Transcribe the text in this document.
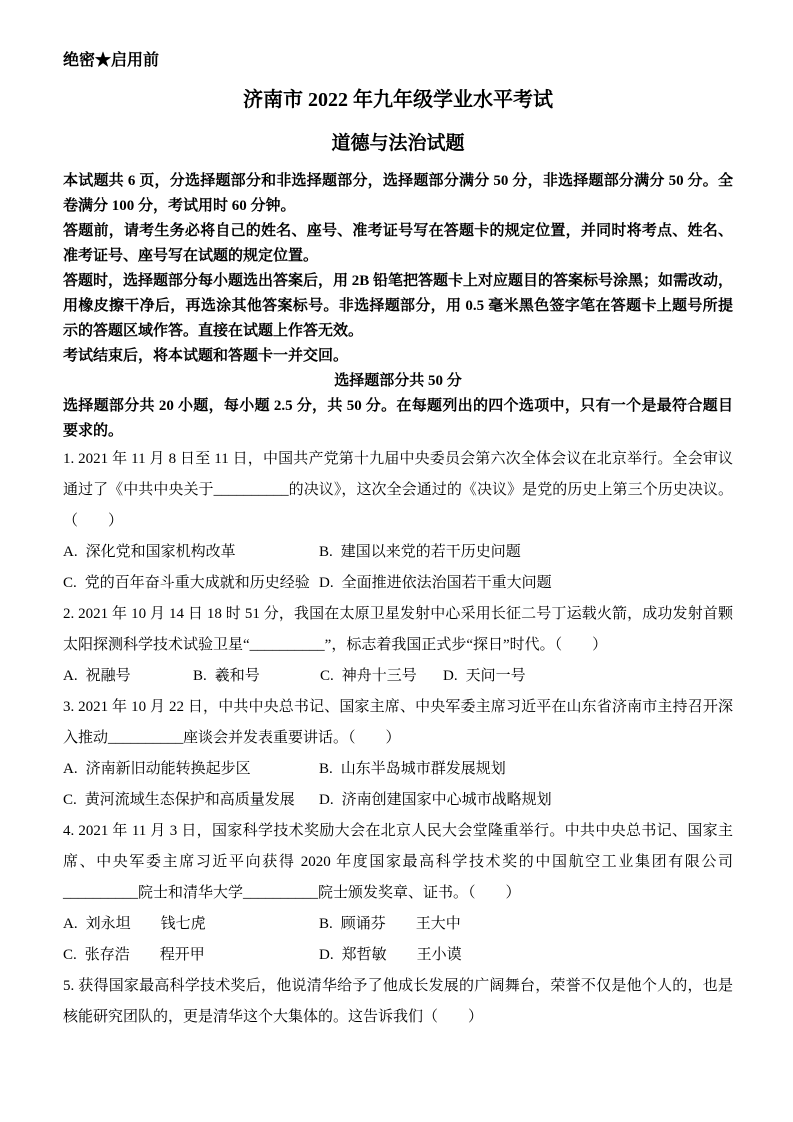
绝密★启用前
济南市 2022 年九年级学业水平考试
道德与法治试题

本试题共 6 页，分选择题部分和非选择题部分，选择题部分满分 50 分，非选择题部分满分 50 分。全卷满分 100 分，考试用时 60 分钟。

答题前，请考生务必将自己的姓名、座号、准考证号写在答题卡的规定位置，并同时将考点、姓名、准考证号、座号写在试题的规定位置。

答题时，选择题部分每小题选出答案后，用 2B 铅笔把答题卡上对应题目的答案标号涂黑；如需改动，用橡皮擦干净后，再选涂其他答案标号。非选择题部分，用 0.5 毫米黑色签字笔在答题卡上题号所提示的答题区域作答。直接在试题上作答无效。

考试结束后，将本试题和答题卡一并交回。

选择题部分共 50 分

选择题部分共 20 小题，每小题 2.5 分，共 50 分。在每题列出的四个选项中，只有一个是最符合题目要求的。

1. 2021 年 11 月 8 日至 11 日，中国共产党第十九届中央委员会第六次全体会议在北京举行。全会审议通过了《中共中央关于__________的决议》，这次全会通过的《决议》是党的历史上第三个历史决议。（　　）

A. 深化党和国家机构改革	B. 建国以来党的若干历史问题
C. 党的百年奋斗重大成就和历史经验 D. 全面推进依法治国若干重大问题

2. 2021 年 10 月 14 日 18 时 51 分，我国在太原卫星发射中心采用长征二号丁运载火箭，成功发射首颗太阳探测科学技术试验卫星“__________”，标志着我国正式步“探日”时代。（　　）

A. 祝融号	B. 羲和号	C. 神舟十三号	D. 天问一号

3. 2021 年 10 月 22 日，中共中央总书记、国家主席、中央军委主席习近平在山东省济南市主持召开深入推动__________座谈会并发表重要讲话。（　　）

A. 济南新旧动能转换起步区	B. 山东半岛城市群发展规划
C. 黄河流域生态保护和高质量发展	D. 济南创建国家中心城市战略规划

4. 2021 年 11 月 3 日，国家科学技术奖励大会在北京人民大会堂隆重举行。中共中央总书记、国家主席、中央军委主席习近平向获得 2020 年度国家最高科学技术奖的中国航空工业集团有限公司__________院士和清华大学__________院士颁发奖章、证书。（　　）

A. 刘永坦　　钱七虎	B. 顾诵芬　　王大中
C. 张存浩　　程开甲	D. 郑哲敏　　王小谟

5. 获得国家最高科学技术奖后，他说清华给予了他成长发展的广阔舞台，荣誉不仅是他个人的，也是核能研究团队的，更是清华这个大集体的。这告诉我们（　　）
